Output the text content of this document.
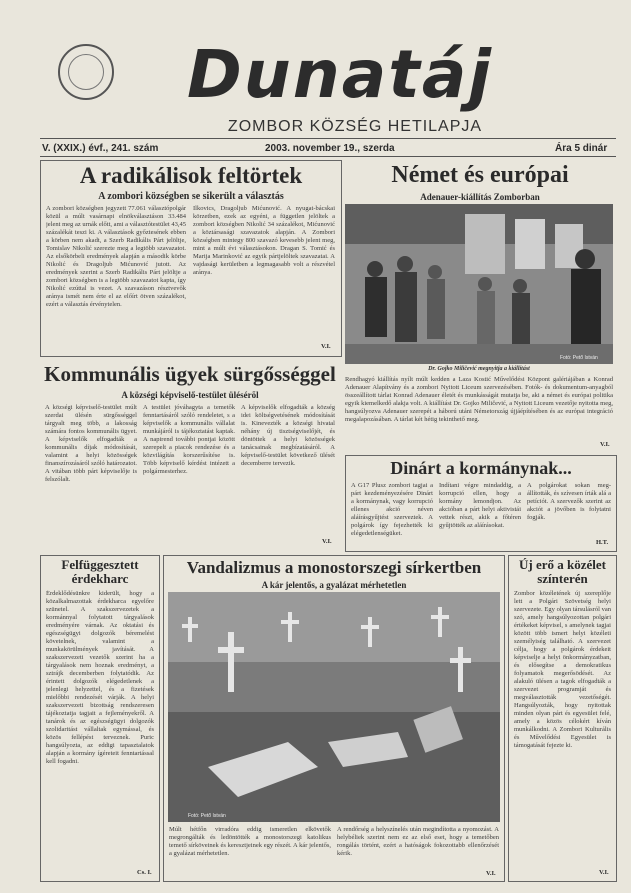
Dunatáj
ZOMBOR KÖZSÉG HETILAPJA
V. (XXIX.) évf., 241. szám	2003. november 19., szerda	Ára 5 dinár
A radikálisok feltörtek
A zombori községben se sikerült a választás
A zombori községben jegyzett 77.061 választópolgár közül a múlt vasárnapi elnökválasztáson 33.484 jelent meg az urnák előtt, ami a választótestület 43,45 százalékát teszi ki. A választások győztesének ebben a körben nem akadt, a Szerb Radikális Párt jelöltje, Tomislav Nikolić szerezte meg a legtöbb szavazatot. Az elsőkörbeli eredmények alapján a második körbe Nikolić és Dragoljub Mićunović jutott. Az eredmények szerint a Szerb Radikális Párt jelöltje a zombori községben is a legtöbb szavazatot kapta, így Nikolić ezúttal is vezet. A szavazáson résztvevők aránya ismét nem érte el az előírt ötven százalékot, ezért a választás érvénytelen.
Ilkovics, Dragoljub Mićunović. A nyugat-bácskai körzetben, ezek az egyéni, a független jelöltek a zombori községben Nikolić 34 százalékot, Mićunović a köztársasági szavazatok alapján. A Zombori községben mintegy 800 szavazó kevesebb jelent meg, mint a múlt évi választásokon. Dragan S. Tomić és Marija Marinković az egyik pártjelöltek szavazatai. A vajdasági kerületben a legmagasabb volt a részvétel aránya.
V.I.
Német és európai
Adenauer-kiállítás Zomborban
Fotó: Pető István
Dr. Gojko Miličević megnyitja a kiállítást
Rendhagyó kiállítás nyílt múlt kedden a Laza Kostić Művelődési Központ galériájában a Konrad Adenauer Alapítvány és a zombori Nyitott Liceum szervezésében. Fotók- és dokumentum-anyagból összeállított tárlat Konrad Adenauer életét és munkásságát mutatja be, aki a német és európai politika egyik kiemelkedő alakja volt. A kiállítást Dr. Gojko Miličević, a Nyitott Liceum vezetője nyitotta meg, hangsúlyozva Adenauer szerepét a háború utáni Németország újjáépítésében és az európai integráció megalapozásában. A tárlat két hétig tekinthető meg.
V.I.
Kommunális ügyek sürgősséggel
A községi képviselő-testület ülésérõl
A községi képviselő-testület múlt szerdai ülésén sürgősséggel tárgyalt meg több, a lakosság számára fontos kommunális ügyet. A képviselők elfogadták a kommunális díjak módosítását, valamint a helyi közösségek finanszírozásáról szóló határozatot. A vitában több párt képviselője is felszólalt.
A testület jóváhagyta a temetők fenntartásáról szóló rendeletet, s a képviselők a kommunális vállalat munkájáról is tájékoztatást kaptak. A napirend további pontjai között szerepelt a piacok rendezése és a közvilágítás korszerűsítése is. Több képviselő kérdést intézett a polgármesterhez.
A képviselők elfogadták a község idei költségvetésének módosítását is. Kinevezték a községi hivatal néhány új tisztségviselőjét, és döntöttek a helyi közösségek tanácsainak megbízatásáról. A képviselő-testület következő ülését decemberre tervezik.
V.I.
Dinárt a kormánynak...
A G17 Plusz zombori tagjai a párt kezdeményezésére Dinárt a kormánynak, vagy korrupció ellenes akció néven aláírásgyűjtést szerveztek. A polgárok így fejezhették ki elégedetlenségüket.
Indítani végre mindaddig, a korrupció ellen, hogy a kormány lemondjon. Az akcióban a párt helyi aktivistái vettek részt, akik a főtéren gyűjtötték az aláírásokat.
A polgárokat sokan meg-állították, és szívesen írták alá a petíciót. A szervezők szerint az akciót a jövőben is folytatni fogják.
H.T.
Felfüggesztett érdekharc
Érdeklődésünkre kiderült, hogy a közalkalmazottak érdekharca egyelőre szünetel. A szakszervezetek a kormánnyal folytatott tárgyalások eredményére várnak. Az oktatási és egészségügyi dolgozók béremelést követelnek, valamint a munkakörülmények javítását. A szakszervezeti vezetők szerint ha a tárgyalások nem hoznak eredményt, a sztrájk decemberben folytatódik. Az érintett dolgozók elégedetlenek a jelenlegi helyzettel, és a fizetések mielőbbi rendezését várják. A helyi szakszervezeti bizottság rendszeresen tájékoztatja tagjait a fejleményekről. A tanárok és az egészségügyi dolgozók szolidaritást vállaltak egymással, és közös fellépést terveznek. Puric hangsúlyozta, az eddigi tapasztalatok alapján a kormány ígéreteit fenntartással kell fogadni.
Cs. I.
Vandalizmus a monostorszegi sírkertben
A kár jelentős, a gyalázat mérhetetlen
Fotó: Pető István
Múlt hétfőn virradóra eddig ismeretlen elkövetők megrongálták és ledöntötték a monostorszegi katolikus temető sírköveinek és keresztjeinek egy részét. A kár jelentős, a gyalázat mérhetetlen.
A rendőrség a helyszínelés után megindította a nyomozást. A helybéliek szerint nem ez az első eset, hogy a temetőben rongálás történt, ezért a hatóságok fokozottabb ellenőrzését kérik.
V.I.
Új erő a közélet színterén
Zombor közéletének új szereplője lett a Polgári Szövetség helyi szervezete. Egy olyan társulásról van szó, amely hangsúlyozottan polgári értékeket képvisel, s amelynek tagjai között több ismert helyi közéleti személyiség található. A szervezet célja, hogy a polgárok érdekeit képviselje a helyi önkormányzatban, és elősegítse a demokratikus folyamatok megerősödését. Az alakuló ülésen a tagok elfogadták a szervezet programját és megválasztották vezetőségét. Hangsúlyozták, hogy nyitottak minden olyan párt és egyesület felé, amely a közös célokért kíván munkálkodni. A Zombori Kulturális és Művelődési Egyesület is támogatását fejezte ki.
V.I.
